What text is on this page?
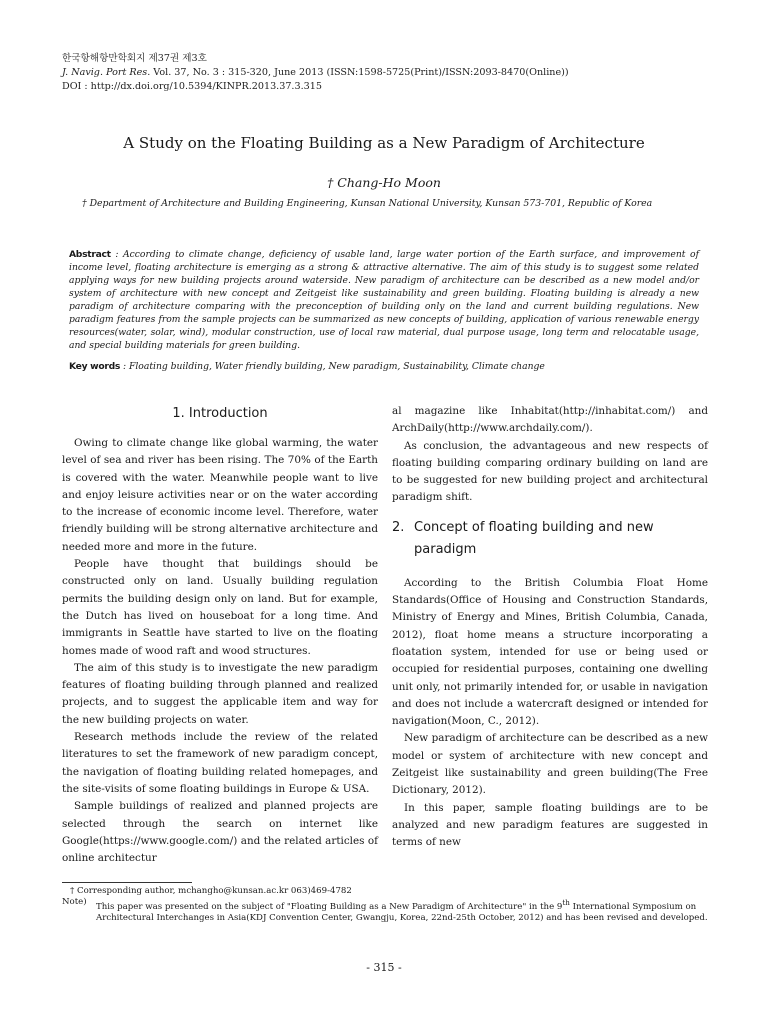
한국항해항만학회지 제37권 제3호
J. Navig. Port Res. Vol. 37, No. 3 : 315-320, June 2013 (ISSN:1598-5725(Print)/ISSN:2093-8470(Online))
DOI : http://dx.doi.org/10.5394/KINPR.2013.37.3.315
A Study on the Floating Building as a New Paradigm of Architecture
† Chang-Ho Moon
† Department of Architecture and Building Engineering, Kunsan National University, Kunsan 573-701, Republic of Korea
Abstract : According to climate change, deficiency of usable land, large water portion of the Earth surface, and improvement of income level, floating architecture is emerging as a strong & attractive alternative. The aim of this study is to suggest some related applying ways for new building projects around waterside. New paradigm of architecture can be described as a new model and/or system of architecture with new concept and Zeitgeist like sustainability and green building. Floating building is already a new paradigm of architecture comparing with the preconception of building only on the land and current building regulations. New paradigm features from the sample projects can be summarized as new concepts of building, application of various renewable energy resources(water, solar, wind), modular construction, use of local raw material, dual purpose usage, long term and relocatable usage, and special building materials for green building.
Key words : Floating building, Water friendly building, New paradigm, Sustainability, Climate change
1. Introduction

Owing to climate change like global warming, the water level of sea and river has been rising. The 70% of the Earth is covered with the water. Meanwhile people want to live and enjoy leisure activities near or on the water according to the increase of economic income level. Therefore, water friendly building will be strong alternative architecture and needed more and more in the future.

People have thought that buildings should be constructed only on land. Usually building regulation permits the building design only on land. But for example, the Dutch has lived on houseboat for a long time. And immigrants in Seattle have started to live on the floating homes made of wood raft and wood structures.

The aim of this study is to investigate the new paradigm features of floating building through planned and realized projects, and to suggest the applicable item and way for the new building projects on water.

Research methods include the review of the related literatures to set the framework of new paradigm concept, the navigation of floating building related homepages, and the site-visits of some floating buildings in Europe & USA.

Sample buildings of realized and planned projects are selected through the search on internet like Google(https://www.google.com/) and the related articles of online architectur

al magazine like Inhabitat(http://inhabitat.com/) and ArchDaily(http://www.archdaily.com/).

As conclusion, the advantageous and new respects of floating building comparing ordinary building on land are to be suggested for new building project and architectural paradigm shift.

2. Concept of floating building and new
paradigm

According to the British Columbia Float Home Standards(Office of Housing and Construction Standards, Ministry of Energy and Mines, British Columbia, Canada, 2012), float home means a structure incorporating a floatation system, intended for use or being used or occupied for residential purposes, containing one dwelling unit only, not primarily intended for, or usable in navigation and does not include a watercraft designed or intended for navigation(Moon, C., 2012).

New paradigm of architecture can be described as a new model or system of architecture with new concept and Zeitgeist like sustainability and green building(The Free Dictionary, 2012).

In this paper, sample floating buildings are to be analyzed and new paradigm features are suggested in terms of new

† Corresponding author, mchangho@kunsan.ac.kr 063)469-4782
Note)	This paper was presented on the subject of "Floating Building as a New Paradigm of Architecture" in the 9th International Symposium on Architectural Interchanges in Asia(KDJ Convention Center, Gwangju, Korea, 22nd-25th October, 2012) and has been revised and developed.
- 315 -
